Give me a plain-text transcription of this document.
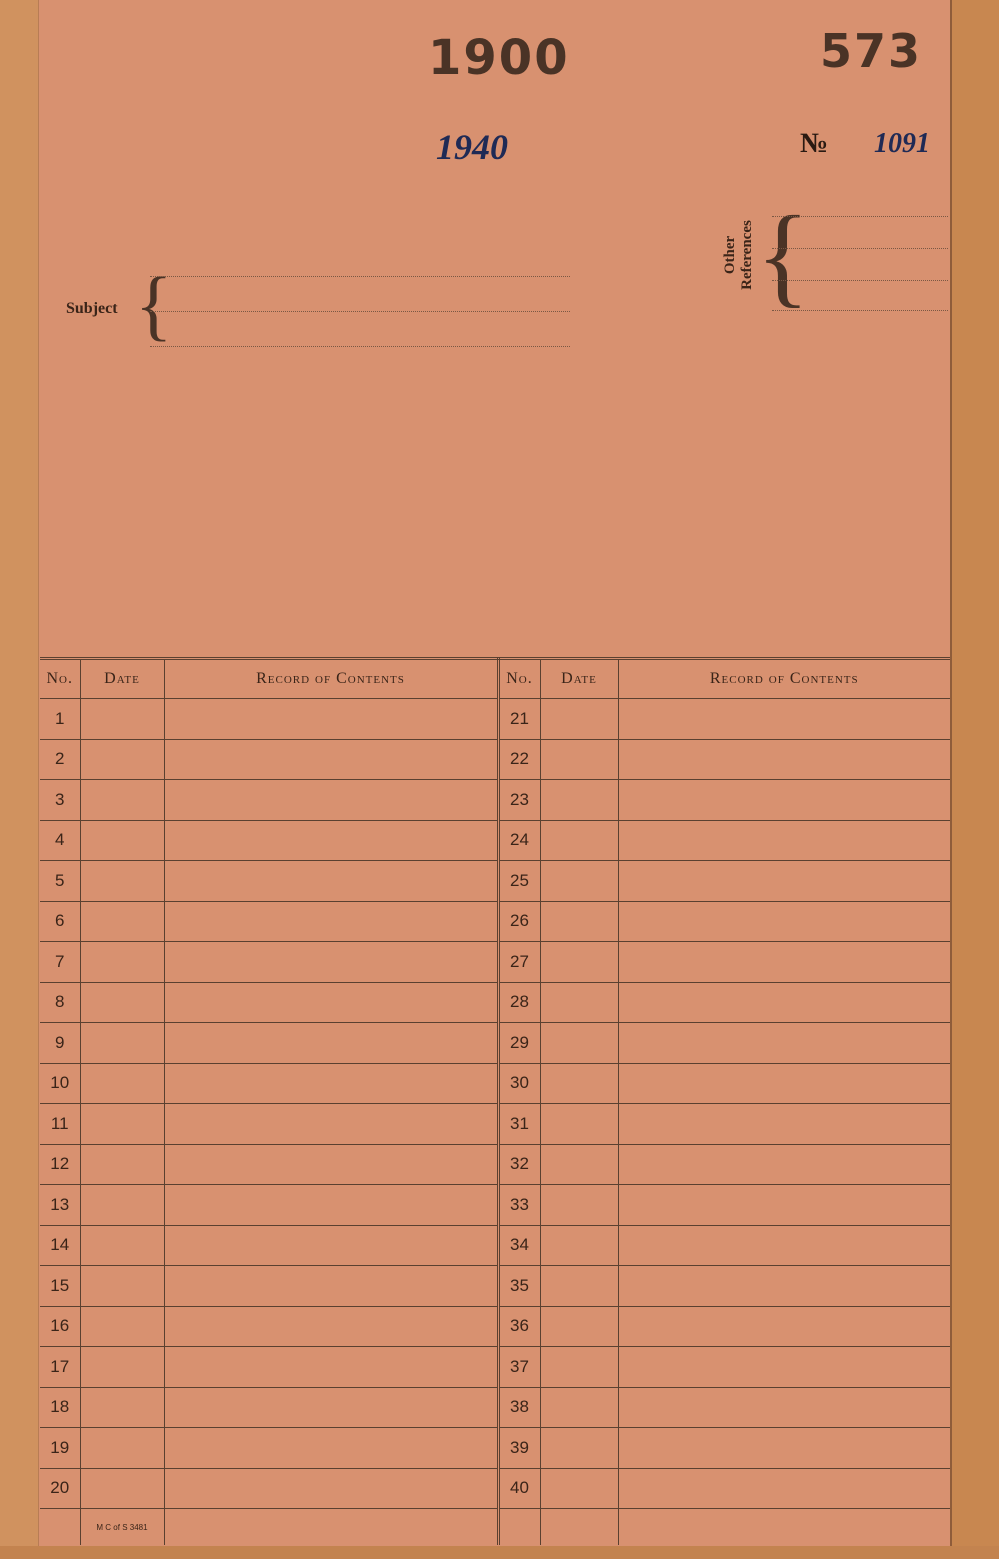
1900	573
1940	№ 1091
Subject {
Other References {
No.	Date	Record of Contents	No.	Date	Record of Contents
1			21		
2			22		
3			23		
4			24		
5			25		
6			26		
7			27		
8			28		
9			29		
10			30		
11			31		
12			32		
13			33		
14			34		
15			35		
16			36		
17			37		
18			38		
19			39		
20			40		
	M C of S 3481				
